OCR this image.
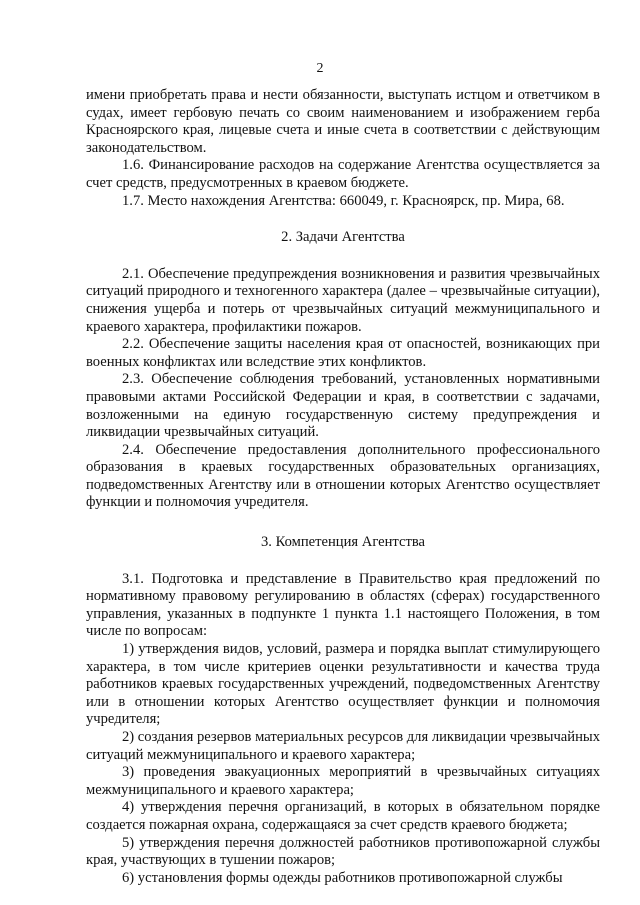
2

имени приобретать права и нести обязанности, выступать истцом и ответчиком в судах, имеет гербовую печать со своим наименованием и изображением герба Красноярского края, лицевые счета и иные счета в соответствии с действующим законодательством.

1.6. Финансирование расходов на содержание Агентства осуществляется за счет средств, предусмотренных в краевом бюджете.

1.7. Место нахождения Агентства: 660049, г. Красноярск, пр. Мира, 68.

2. Задачи Агентства

2.1. Обеспечение предупреждения возникновения и развития чрезвычайных ситуаций природного и техногенного характера (далее – чрезвычайные ситуации), снижения ущерба и потерь от чрезвычайных ситуаций межмуниципального и краевого характера, профилактики пожаров.

2.2. Обеспечение защиты населения края от опасностей, возникающих при военных конфликтах или вследствие этих конфликтов.

2.3. Обеспечение соблюдения требований, установленных нормативными правовыми актами Российской Федерации и края, в соответствии с задачами, возложенными на единую государственную систему предупреждения и ликвидации чрезвычайных ситуаций.

2.4. Обеспечение предоставления дополнительного профессионального образования в краевых государственных образовательных организациях, подведомственных Агентству или в отношении которых Агентство осуществляет функции и полномочия учредителя.

3. Компетенция Агентства

3.1. Подготовка и представление в Правительство края предложений по нормативному правовому регулированию в областях (сферах) государственного управления, указанных в подпункте 1 пункта 1.1 настоящего Положения, в том числе по вопросам:

1) утверждения видов, условий, размера и порядка выплат стимулирующего характера, в том числе критериев оценки результативности и качества труда работников краевых государственных учреждений, подведомственных Агентству или в отношении которых Агентство осуществляет функции и полномочия учредителя;

2) создания резервов материальных ресурсов для ликвидации чрезвычайных ситуаций межмуниципального и краевого характера;

3) проведения эвакуационных мероприятий в чрезвычайных ситуациях межмуниципального и краевого характера;

4) утверждения перечня организаций, в которых в обязательном порядке создается пожарная охрана, содержащаяся за счет средств краевого бюджета;

5) утверждения перечня должностей работников противопожарной службы края, участвующих в тушении пожаров;

6) установления формы одежды работников противопожарной службы
